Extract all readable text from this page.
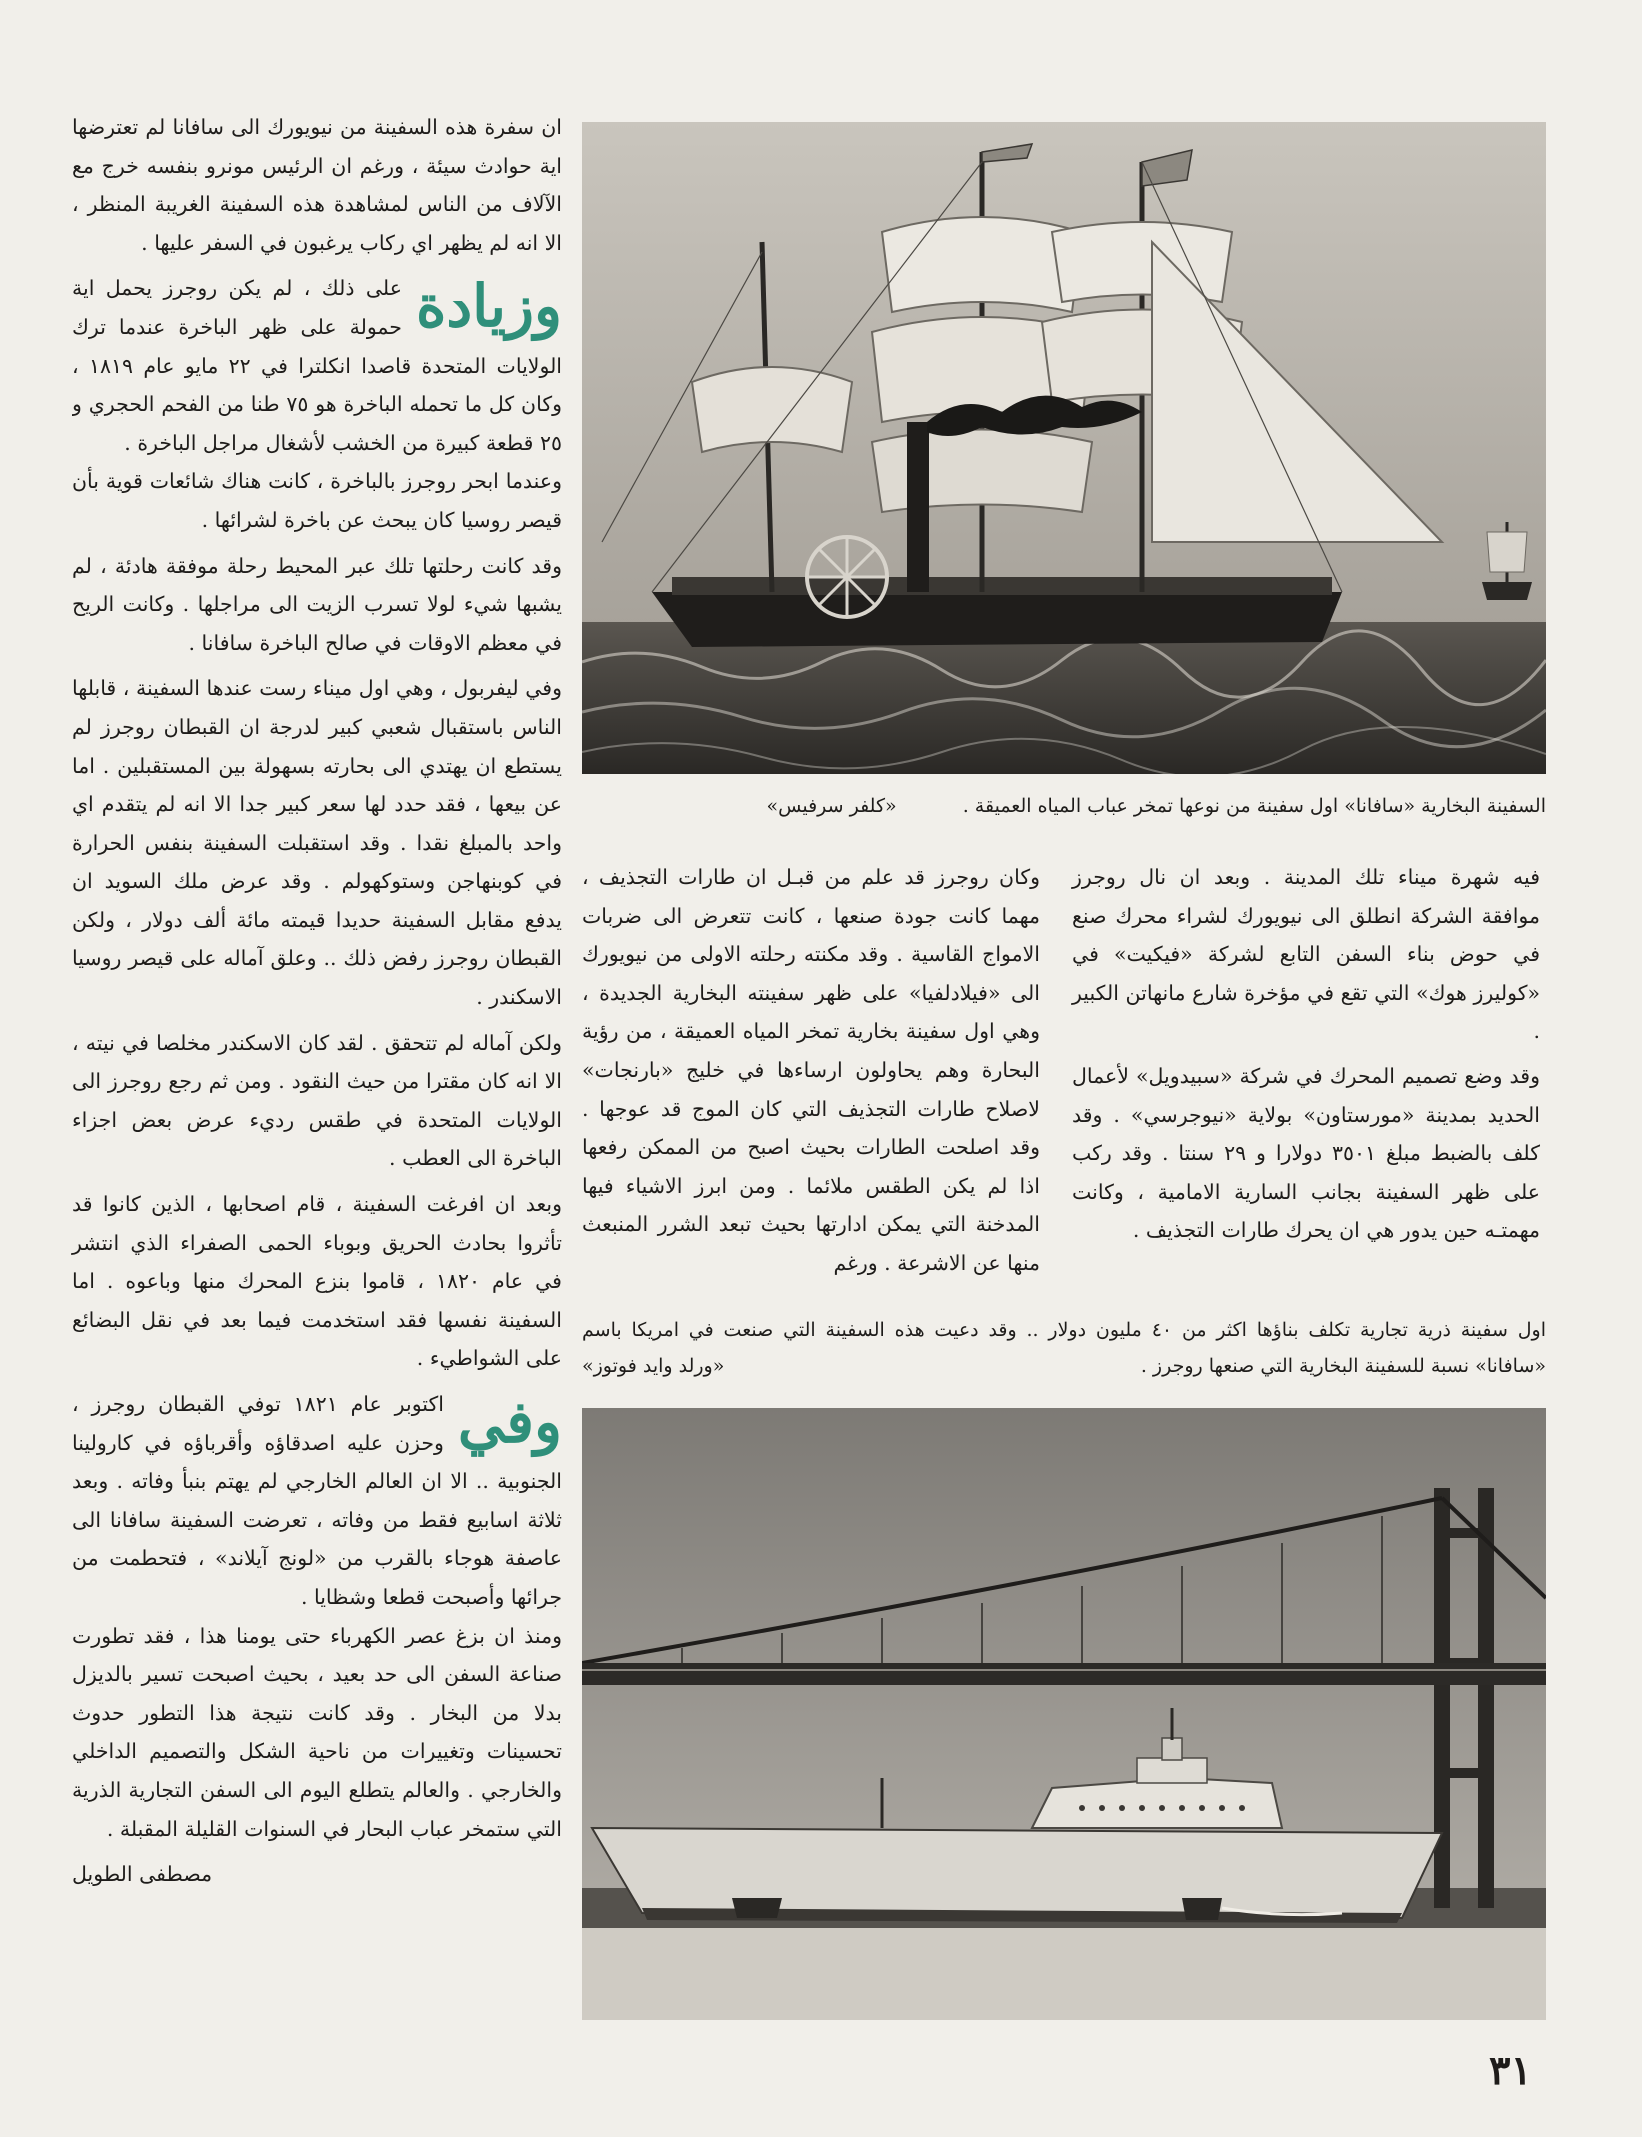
ان سفرة هذه السفينة من نيويورك الى سافانا لم تعترضها اية حوادث سيئة ، ورغم ان الرئيس مونرو بنفسه خرج مع الآلاف من الناس لمشاهدة هذه السفينة الغريبة المنظر ، الا انه لم يظهر اي ركاب يرغبون في السفر عليها .

وزيادة
على ذلك ، لم يكن روجرز يحمل اية حمولة على ظهر الباخرة عندما ترك الولايات المتحدة قاصدا انكلترا في ٢٢ مايو عام ١٨١٩ ، وكان كل ما تحمله الباخرة هو ٧٥ طنا من الفحم الحجري و ٢٥ قطعة كبيرة من الخشب لأشغال مراجل الباخرة .

وعندما ابحر روجرز بالباخرة ، كانت هناك شائعات قوية بأن قيصر روسيا كان يبحث عن باخرة لشرائها .

وقد كانت رحلتها تلك عبر المحيط رحلة موفقة هادئة ، لم يشبها شيء لولا تسرب الزيت الى مراجلها . وكانت الريح في معظم الاوقات في صالح الباخرة سافانا .

وفي ليفربول ، وهي اول ميناء رست عندها السفينة ، قابلها الناس باستقبال شعبي كبير لدرجة ان القبطان روجرز لم يستطع ان يهتدي الى بحارته بسهولة بين المستقبلين . اما عن بيعها ، فقد حدد لها سعر كبير جدا الا انه لم يتقدم اي واحد بالمبلغ نقدا . وقد استقبلت السفينة بنفس الحرارة في كوبنهاجن وستوكهولم . وقد عرض ملك السويد ان يدفع مقابل السفينة حديدا قيمته مائة ألف دولار ، ولكن القبطان روجرز رفض ذلك .. وعلق آماله على قيصر روسيا الاسكندر .

ولكن آماله لم تتحقق . لقد كان الاسكندر مخلصا في نيته ، الا انه كان مقترا من حيث النقود . ومن ثم رجع روجرز الى الولايات المتحدة في طقس رديء عرض بعض اجزاء الباخرة الى العطب .

وبعد ان افرغت السفينة ، قام اصحابها ، الذين كانوا قد تأثروا بحادث الحريق وبوباء الحمى الصفراء الذي انتشر في عام ١٨٢٠ ، قاموا بنزع المحرك منها وباعوه . اما السفينة نفسها فقد استخدمت فيما بعد في نقل البضائع على الشواطيء .

وفي
اكتوبر عام ١٨٢١ توفي القبطان روجرز ، وحزن عليه اصدقاؤه وأقرباؤه في كارولينا الجنوبية .. الا ان العالم الخارجي لم يهتم بنبأ وفاته . وبعد ثلاثة اسابيع فقط من وفاته ، تعرضت السفينة سافانا الى عاصفة هوجاء بالقرب من «لونج آيلاند» ، فتحطمت من جرائها وأصبحت قطعا وشظايا .

ومنذ ان بزغ عصر الكهرباء حتى يومنا هذا ، فقد تطورت صناعة السفن الى حد بعيد ، بحيث اصبحت تسير بالديزل بدلا من البخار . وقد كانت نتيجة هذا التطور حدوث تحسينات وتغييرات من ناحية الشكل والتصميم الداخلي والخارجي . والعالم يتطلع اليوم الى السفن التجارية الذرية التي ستمخر عباب البحار في السنوات القليلة المقبلة .

مصطفى الطويل

السفينة البخارية «سافانا» اول سفينة من نوعها تمخر عباب المياه العميقة . «كلفر سرفيس»

فيه شهرة ميناء تلك المدينة . وبعد ان نال روجرز موافقة الشركة انطلق الى نيويورك لشراء محرك صنع في حوض بناء السفن التابع لشركة «فيكيت» في «كوليرز هوك» التي تقع في مؤخرة شارع مانهاتن الكبير .

وقد وضع تصميم المحرك في شركة «سبيدويل» لأعمال الحديد بمدينة «مورستاون» بولاية «نيوجرسي» . وقد كلف بالضبط مبلغ ٣٥٠١ دولارا و ٢٩ سنتا . وقد ركب على ظهر السفينة بجانب السارية الامامية ، وكانت مهمتـه حين يدور هي ان يحرك طارات التجذيف .

وكان روجرز قد علم من قبـل ان طارات التجذيف ، مهما كانت جودة صنعها ، كانت تتعرض الى ضربات الامواج القاسية . وقد مكنته رحلته الاولى من نيويورك الى «فيلادلفيا» على ظهر سفينته البخارية الجديدة ، وهي اول سفينة بخارية تمخر المياه العميقة ، من رؤية البحارة وهم يحاولون ارساءها في خليج «بارنجات» لاصلاح طارات التجذيف التي كان الموج قد عوجها . وقد اصلحت الطارات بحيث اصبح من الممكن رفعها اذا لم يكن الطقس ملائما . ومن ابرز الاشياء فيها المدخنة التي يمكن ادارتها بحيث تبعد الشرر المنبعث منها عن الاشرعة . ورغم

اول سفينة ذرية تجارية تكلف بناؤها اكثر من ٤٠ مليون دولار .. وقد دعيت هذه السفينة التي صنعت في امريكا باسم «سافانا» نسبة للسفينة البخارية التي صنعها روجرز .
«ورلد وايد فوتوز»
٣١
